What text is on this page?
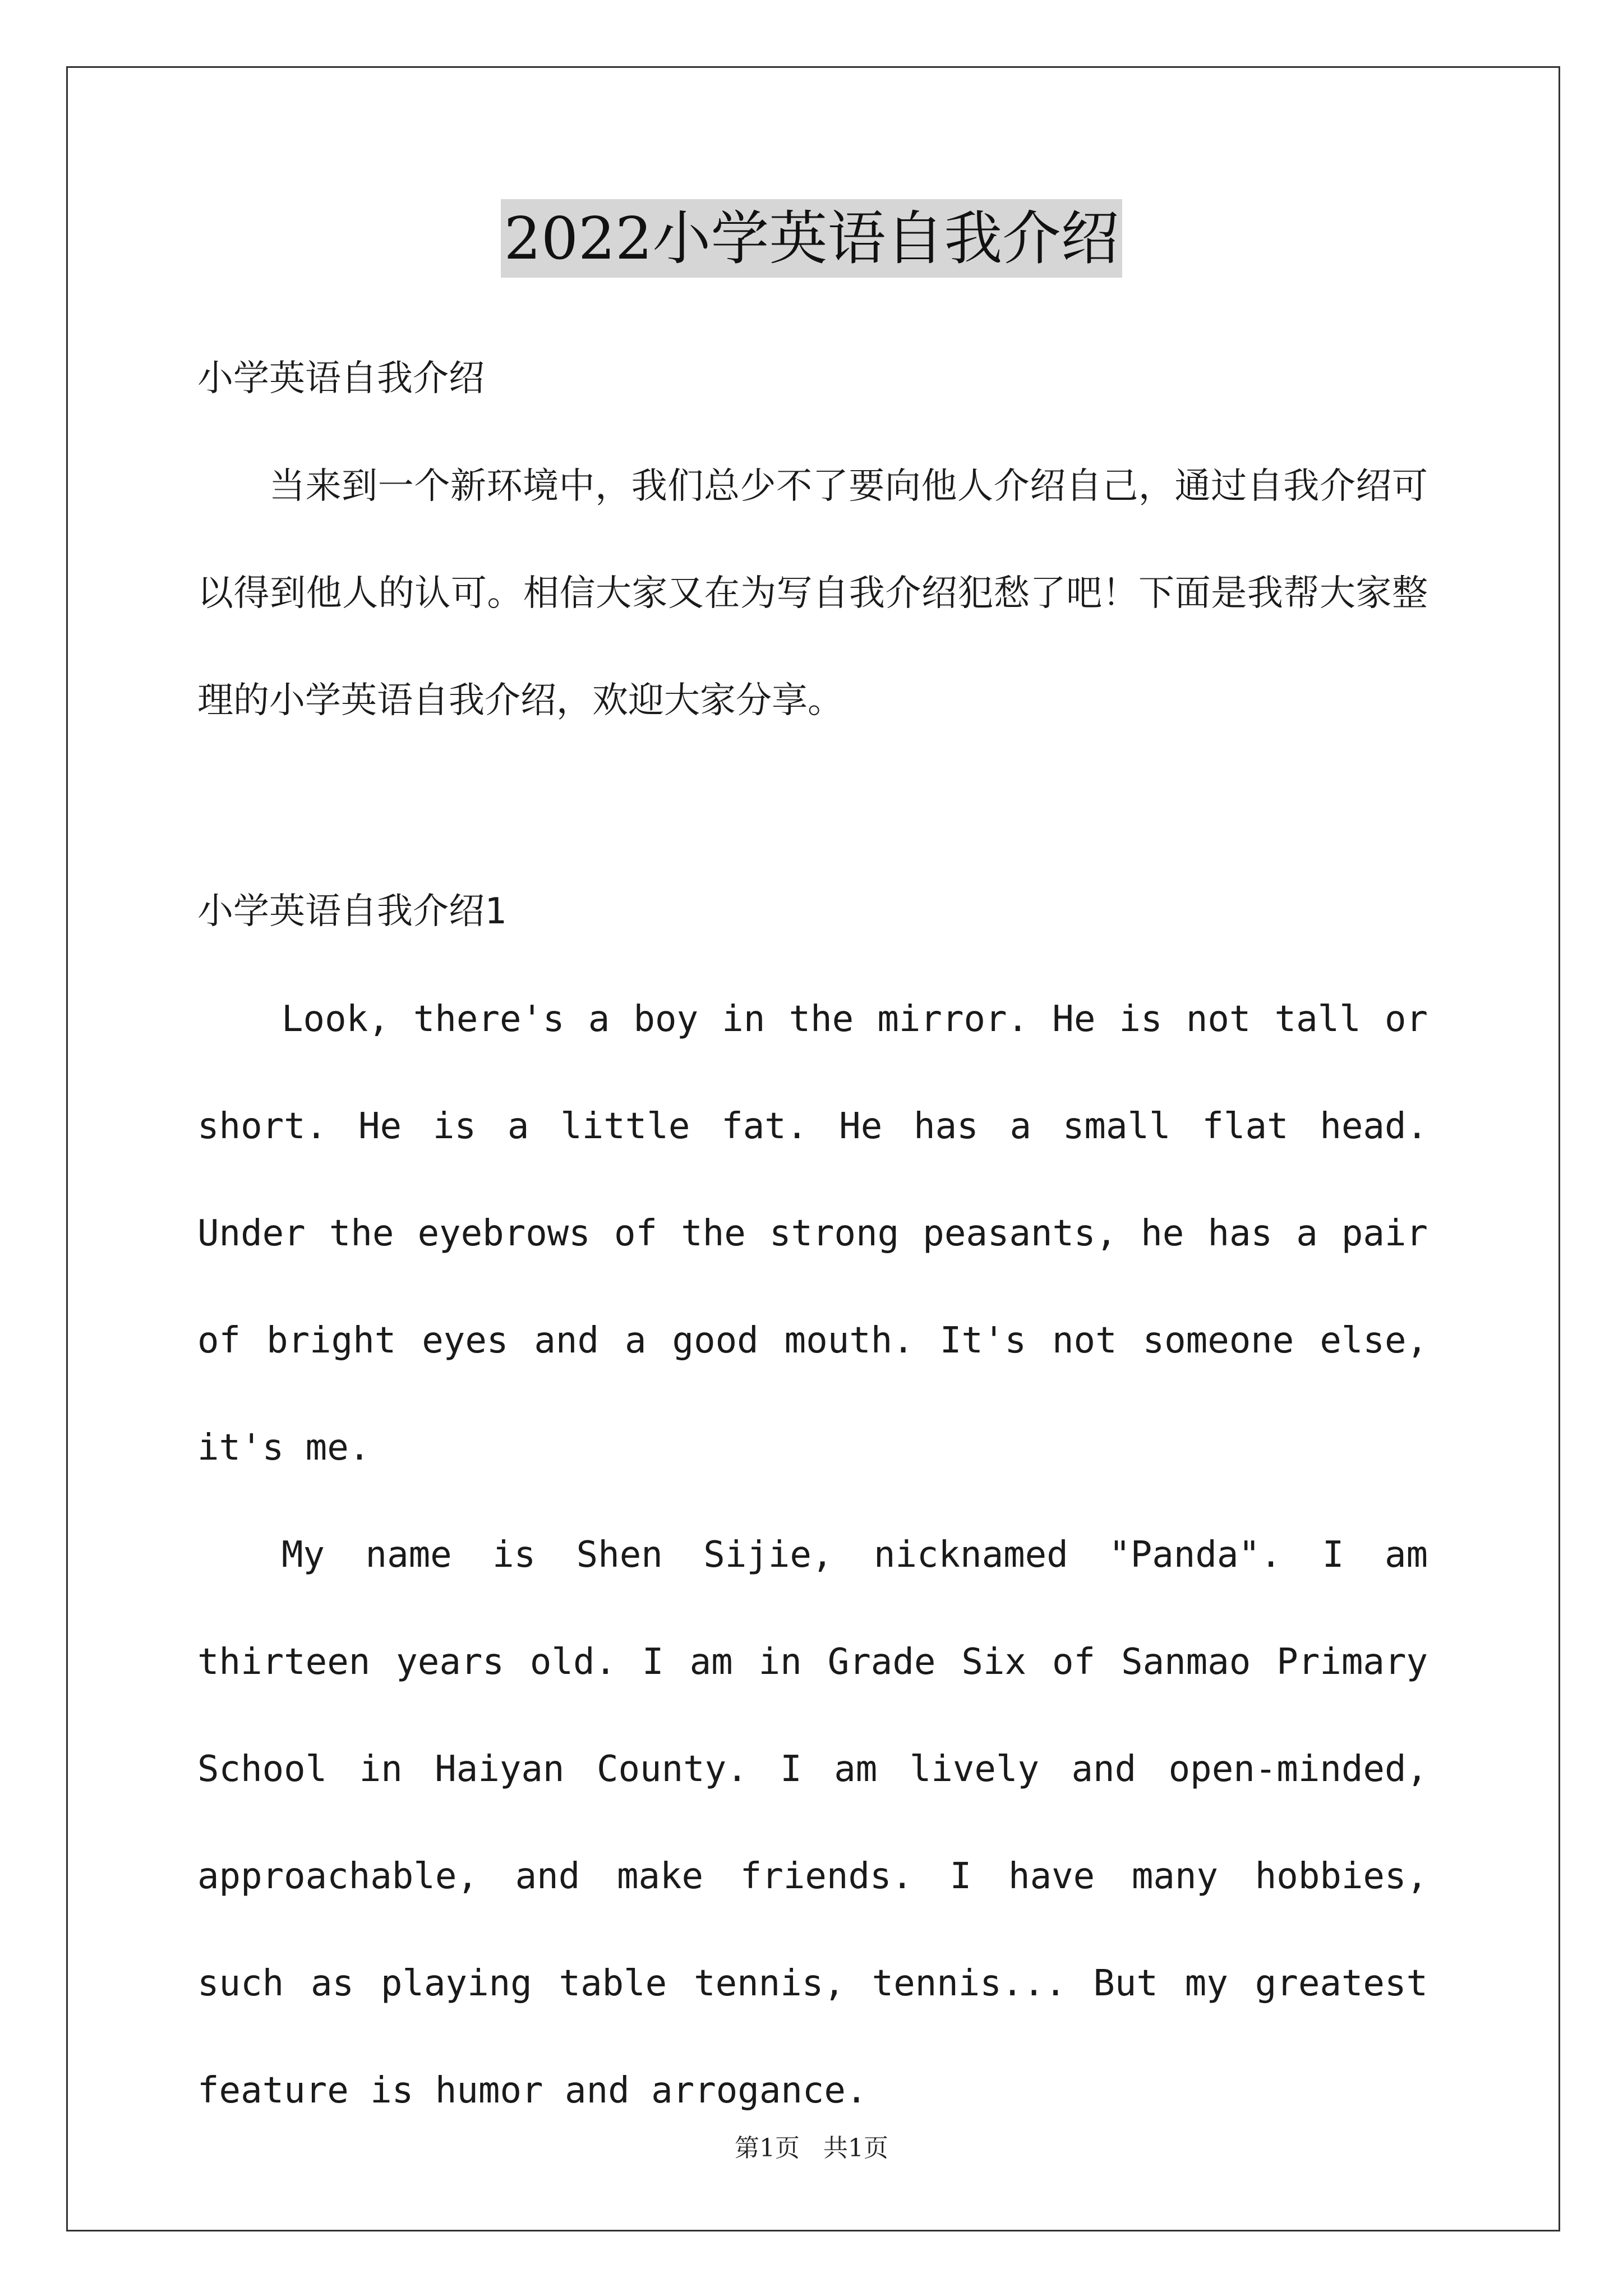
2022小学英语自我介绍
小学英语自我介绍

当来到一个新环境中，我们总少不了要向他人介绍自己，通过自我介绍可以得到他人的认可。相信大家又在为写自我介绍犯愁了吧！下面是我帮大家整理的小学英语自我介绍，欢迎大家分享。

小学英语自我介绍1

Look, there's a boy in the mirror. He is not tall or short. He is a little fat. He has a small flat head. Under the eyebrows of the strong peasants, he has a pair of bright eyes and a good mouth. It's not someone else, it's me.

My name is Shen Sijie, nicknamed "Panda". I am thirteen years old. I am in Grade Six of Sanmao Primary School in Haiyan County. I am lively and open-minded, approachable, and make friends. I have many hobbies, such as playing table tennis, tennis... But my greatest feature is humor and arrogance.

第1页   共1页
